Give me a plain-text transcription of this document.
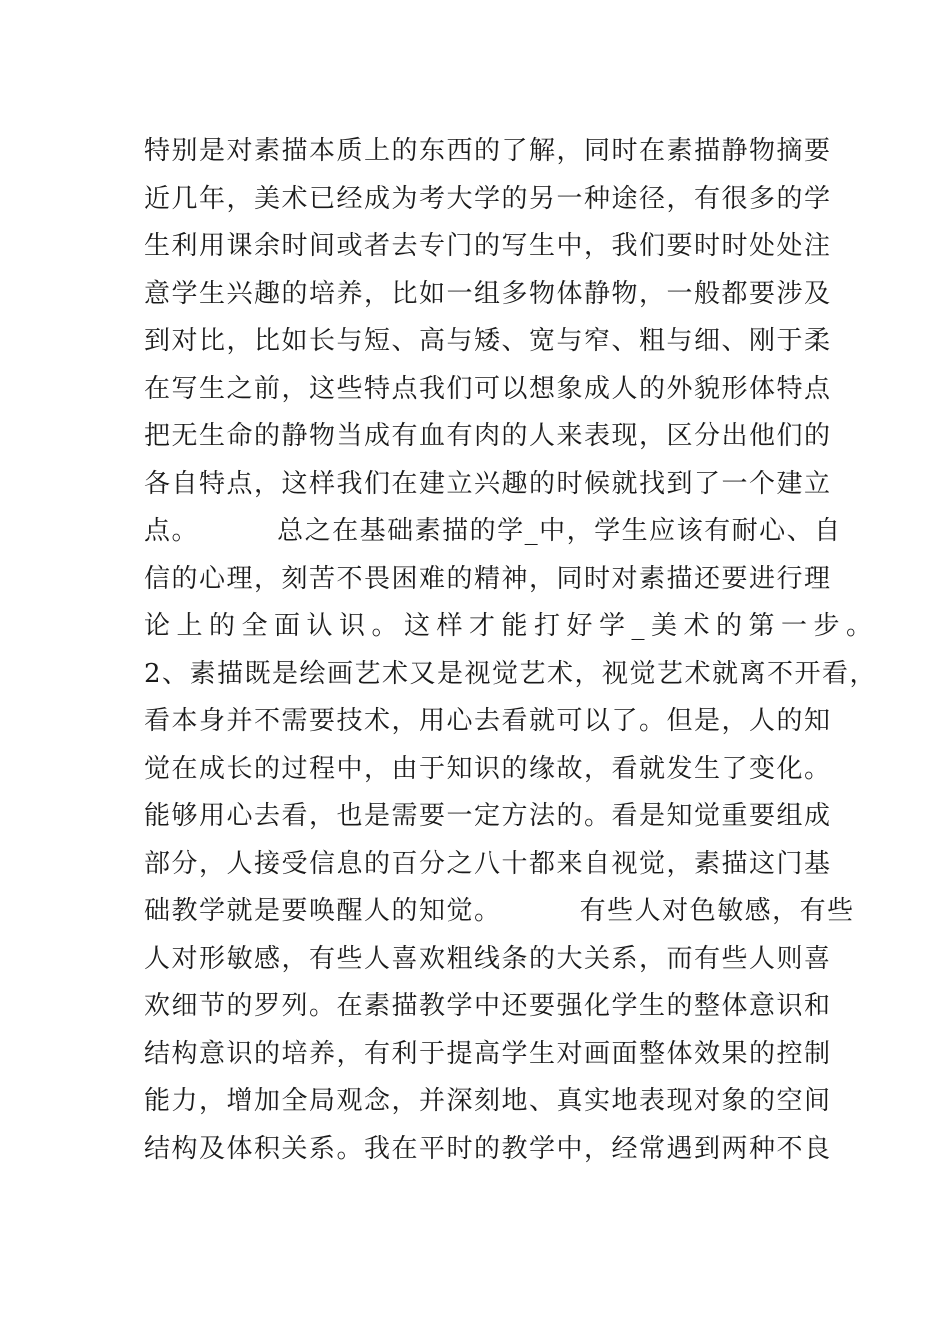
特别是对素描本质上的东西的了解，同时在素描静物摘要
近几年，美术已经成为考大学的另一种途径，有很多的学
生利用课余时间或者去专门的写生中，我们要时时处处注
意学生兴趣的培养，比如一组多物体静物，一般都要涉及
到对比，比如长与短、高与矮、宽与窄、粗与细、刚于柔
在写生之前，这些特点我们可以想象成人的外貌形体特点
把无生命的静物当成有血有肉的人来表现，区分出他们的
各自特点，这样我们在建立兴趣的时候就找到了一个建立
点。        总之在基础素描的学_中，学生应该有耐心、自
信的心理，刻苦不畏困难的精神，同时对素描还要进行理
论上的全面认识。这样才能打好学_美术的第一步。
2、素描既是绘画艺术又是视觉艺术，视觉艺术就离不开看，
看本身并不需要技术，用心去看就可以了。但是，人的知
觉在成长的过程中，由于知识的缘故，看就发生了变化。
能够用心去看，也是需要一定方法的。看是知觉重要组成
部分，人接受信息的百分之八十都来自视觉，素描这门基
础教学就是要唤醒人的知觉。        有些人对色敏感，有些
人对形敏感，有些人喜欢粗线条的大关系，而有些人则喜
欢细节的罗列。在素描教学中还要强化学生的整体意识和
结构意识的培养，有利于提高学生对画面整体效果的控制
能力，增加全局观念，并深刻地、真实地表现对象的空间
结构及体积关系。我在平时的教学中，经常遇到两种不良
